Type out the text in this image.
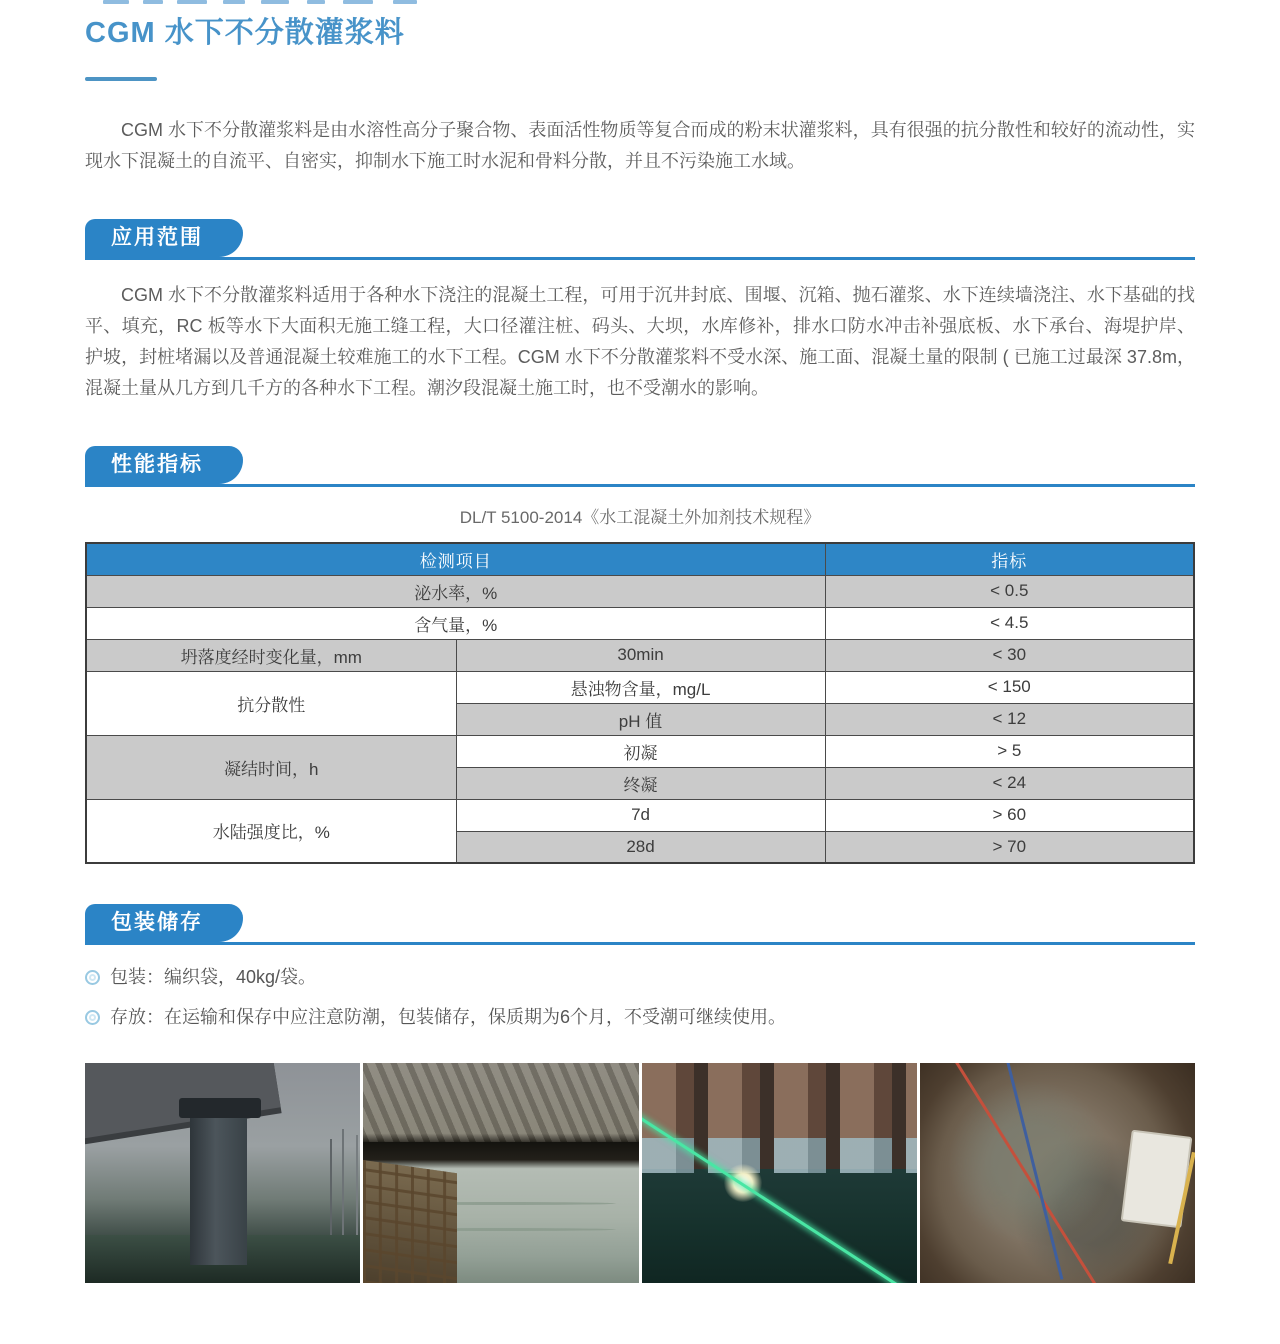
CGM 水下不分散灌浆料

CGM 水下不分散灌浆料是由水溶性高分子聚合物、表面活性物质等复合而成的粉末状灌浆料，具有很强的抗分散性和较好的流动性，实现水下混凝土的自流平、自密实，抑制水下施工时水泥和骨料分散，并且不污染施工水域。

应用范围

CGM 水下不分散灌浆料适用于各种水下浇注的混凝土工程，可用于沉井封底、围堰、沉箱、抛石灌浆、水下连续墙浇注、水下基础的找平、填充，RC 板等水下大面积无施工缝工程，大口径灌注桩、码头、大坝，水库修补，排水口防水冲击补强底板、水下承台、海堤护岸、护坡，封桩堵漏以及普通混凝土较难施工的水下工程。CGM 水下不分散灌浆料不受水深、施工面、混凝土量的限制 ( 已施工过最深 37.8m，混凝土量从几方到几千方的各种水下工程。潮汐段混凝土施工时，也不受潮水的影响。

性能指标
DL/T 5100-2014《水工混凝土外加剂技术规程》
检测项目		指标
泌水率，%		< 0.5
含气量，%		< 4.5
坍落度经时变化量，mm	30min	< 30
抗分散性	悬浊物含量，mg/L	< 150
	pH 值	< 12
凝结时间，h	初凝	> 5
	终凝	< 24
水陆强度比，%	7d	> 60
	28d	> 70
包装储存
包装：编织袋，40kg/袋。
存放：在运输和保存中应注意防潮，包装储存，保质期为6个月，不受潮可继续使用。
